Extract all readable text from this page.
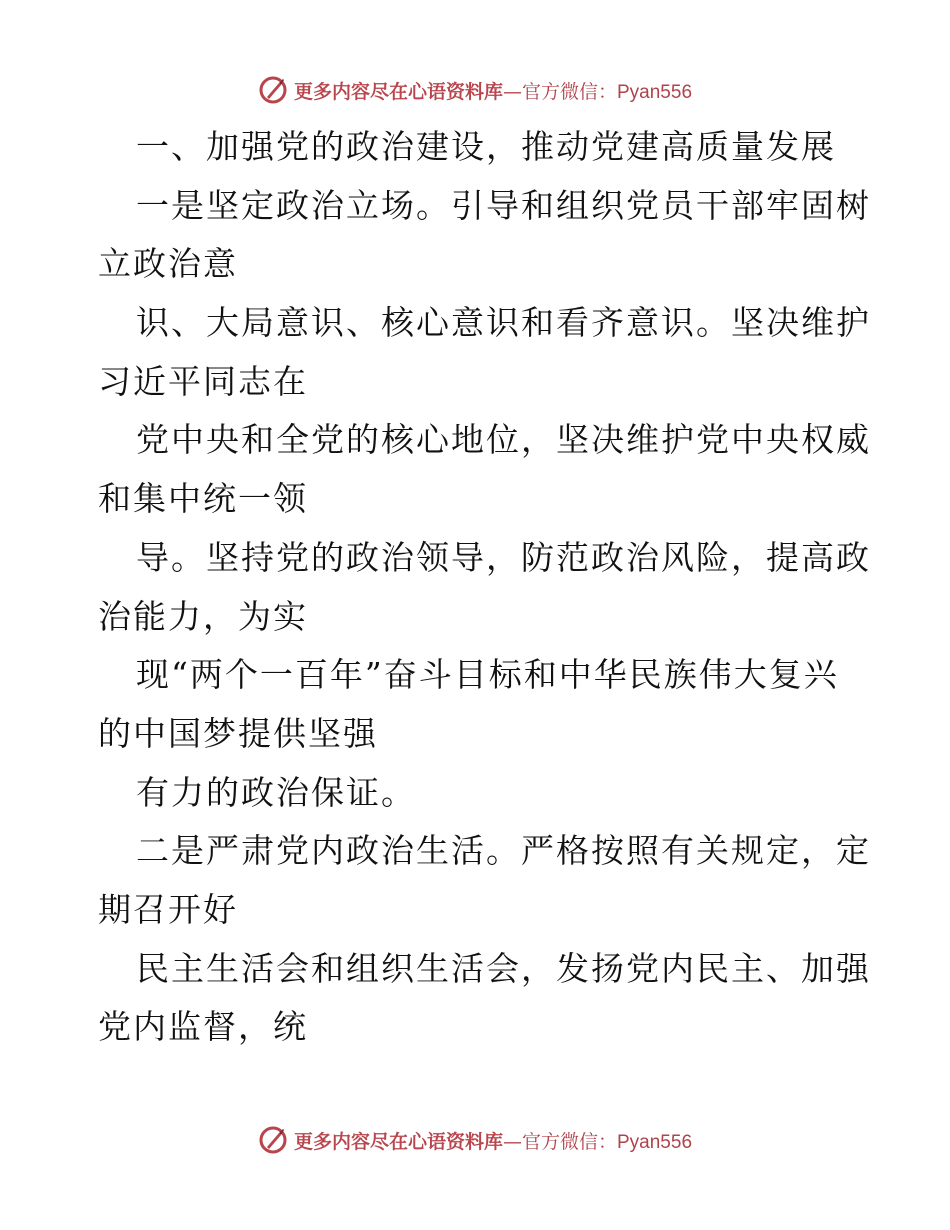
更多内容尽在心语资料库—官方微信：Pyan556
一、加强党的政治建设，推动党建高质量发展
一是坚定政治立场。引导和组织党员干部牢固树
立政治意
识、大局意识、核心意识和看齐意识。坚决维护
习近平同志在
党中央和全党的核心地位，坚决维护党中央权威
和集中统一领
导。坚持党的政治领导，防范政治风险，提高政
治能力，为实
现“两个一百年”奋斗目标和中华民族伟大复兴
的中国梦提供坚强
有力的政治保证。
二是严肃党内政治生活。严格按照有关规定，定
期召开好
民主生活会和组织生活会，发扬党内民主、加强
党内监督，统
更多内容尽在心语资料库—官方微信：Pyan556
